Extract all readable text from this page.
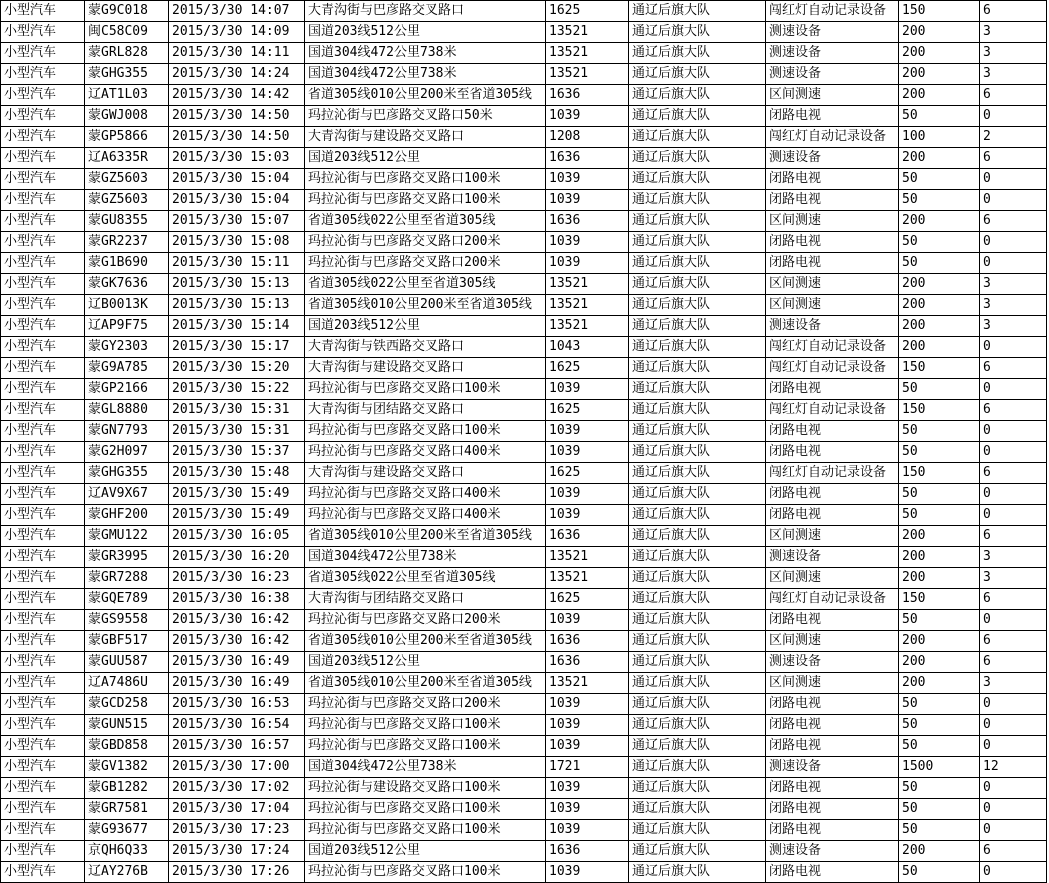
小型汽车	蒙G9C018	2015/3/30 14:07	大青沟街与巴彦路交叉路口	1625	通辽后旗大队	闯红灯自动记录设备	150	6
小型汽车	闽C58C09	2015/3/30 14:09	国道203线512公里	13521	通辽后旗大队	测速设备	200	3
小型汽车	蒙GRL828	2015/3/30 14:11	国道304线472公里738米	13521	通辽后旗大队	测速设备	200	3
小型汽车	蒙GHG355	2015/3/30 14:24	国道304线472公里738米	13521	通辽后旗大队	测速设备	200	3
小型汽车	辽AT1L03	2015/3/30 14:42	省道305线010公里200米至省道305线	1636	通辽后旗大队	区间测速	200	6
小型汽车	蒙GWJ008	2015/3/30 14:50	玛拉沁街与巴彦路交叉路口50米	1039	通辽后旗大队	闭路电视	50	0
小型汽车	蒙GP5866	2015/3/30 14:50	大青沟街与建设路交叉路口	1208	通辽后旗大队	闯红灯自动记录设备	100	2
小型汽车	辽A6335R	2015/3/30 15:03	国道203线512公里	1636	通辽后旗大队	测速设备	200	6
小型汽车	蒙GZ5603	2015/3/30 15:04	玛拉沁街与巴彦路交叉路口100米	1039	通辽后旗大队	闭路电视	50	0
小型汽车	蒙GZ5603	2015/3/30 15:04	玛拉沁街与巴彦路交叉路口100米	1039	通辽后旗大队	闭路电视	50	0
小型汽车	蒙GU8355	2015/3/30 15:07	省道305线022公里至省道305线	1636	通辽后旗大队	区间测速	200	6
小型汽车	蒙GR2237	2015/3/30 15:08	玛拉沁街与巴彦路交叉路口200米	1039	通辽后旗大队	闭路电视	50	0
小型汽车	蒙G1B690	2015/3/30 15:11	玛拉沁街与巴彦路交叉路口200米	1039	通辽后旗大队	闭路电视	50	0
小型汽车	蒙GK7636	2015/3/30 15:13	省道305线022公里至省道305线	13521	通辽后旗大队	区间测速	200	3
小型汽车	辽B0013K	2015/3/30 15:13	省道305线010公里200米至省道305线	13521	通辽后旗大队	区间测速	200	3
小型汽车	辽AP9F75	2015/3/30 15:14	国道203线512公里	13521	通辽后旗大队	测速设备	200	3
小型汽车	蒙GY2303	2015/3/30 15:17	大青沟街与铁西路交叉路口	1043	通辽后旗大队	闯红灯自动记录设备	200	0
小型汽车	蒙G9A785	2015/3/30 15:20	大青沟街与建设路交叉路口	1625	通辽后旗大队	闯红灯自动记录设备	150	6
小型汽车	蒙GP2166	2015/3/30 15:22	玛拉沁街与巴彦路交叉路口100米	1039	通辽后旗大队	闭路电视	50	0
小型汽车	蒙GL8880	2015/3/30 15:31	大青沟街与团结路交叉路口	1625	通辽后旗大队	闯红灯自动记录设备	150	6
小型汽车	蒙GN7793	2015/3/30 15:31	玛拉沁街与巴彦路交叉路口100米	1039	通辽后旗大队	闭路电视	50	0
小型汽车	蒙G2H097	2015/3/30 15:37	玛拉沁街与巴彦路交叉路口400米	1039	通辽后旗大队	闭路电视	50	0
小型汽车	蒙GHG355	2015/3/30 15:48	大青沟街与建设路交叉路口	1625	通辽后旗大队	闯红灯自动记录设备	150	6
小型汽车	辽AV9X67	2015/3/30 15:49	玛拉沁街与巴彦路交叉路口400米	1039	通辽后旗大队	闭路电视	50	0
小型汽车	蒙GHF200	2015/3/30 15:49	玛拉沁街与巴彦路交叉路口400米	1039	通辽后旗大队	闭路电视	50	0
小型汽车	蒙GMU122	2015/3/30 16:05	省道305线010公里200米至省道305线	1636	通辽后旗大队	区间测速	200	6
小型汽车	蒙GR3995	2015/3/30 16:20	国道304线472公里738米	13521	通辽后旗大队	测速设备	200	3
小型汽车	蒙GR7288	2015/3/30 16:23	省道305线022公里至省道305线	13521	通辽后旗大队	区间测速	200	3
小型汽车	蒙GQE789	2015/3/30 16:38	大青沟街与团结路交叉路口	1625	通辽后旗大队	闯红灯自动记录设备	150	6
小型汽车	蒙GS9558	2015/3/30 16:42	玛拉沁街与巴彦路交叉路口200米	1039	通辽后旗大队	闭路电视	50	0
小型汽车	蒙GBF517	2015/3/30 16:42	省道305线010公里200米至省道305线	1636	通辽后旗大队	区间测速	200	6
小型汽车	蒙GUU587	2015/3/30 16:49	国道203线512公里	1636	通辽后旗大队	测速设备	200	6
小型汽车	辽A7486U	2015/3/30 16:49	省道305线010公里200米至省道305线	13521	通辽后旗大队	区间测速	200	3
小型汽车	蒙GCD258	2015/3/30 16:53	玛拉沁街与巴彦路交叉路口200米	1039	通辽后旗大队	闭路电视	50	0
小型汽车	蒙GUN515	2015/3/30 16:54	玛拉沁街与巴彦路交叉路口100米	1039	通辽后旗大队	闭路电视	50	0
小型汽车	蒙GBD858	2015/3/30 16:57	玛拉沁街与巴彦路交叉路口100米	1039	通辽后旗大队	闭路电视	50	0
小型汽车	蒙GV1382	2015/3/30 17:00	国道304线472公里738米	1721	通辽后旗大队	测速设备	1500	12
小型汽车	蒙GB1282	2015/3/30 17:02	玛拉沁街与建设路交叉路口100米	1039	通辽后旗大队	闭路电视	50	0
小型汽车	蒙GR7581	2015/3/30 17:04	玛拉沁街与巴彦路交叉路口100米	1039	通辽后旗大队	闭路电视	50	0
小型汽车	蒙G93677	2015/3/30 17:23	玛拉沁街与巴彦路交叉路口100米	1039	通辽后旗大队	闭路电视	50	0
小型汽车	京QH6Q33	2015/3/30 17:24	国道203线512公里	1636	通辽后旗大队	测速设备	200	6
小型汽车	辽AY276B	2015/3/30 17:26	玛拉沁街与巴彦路交叉路口100米	1039	通辽后旗大队	闭路电视	50	0
